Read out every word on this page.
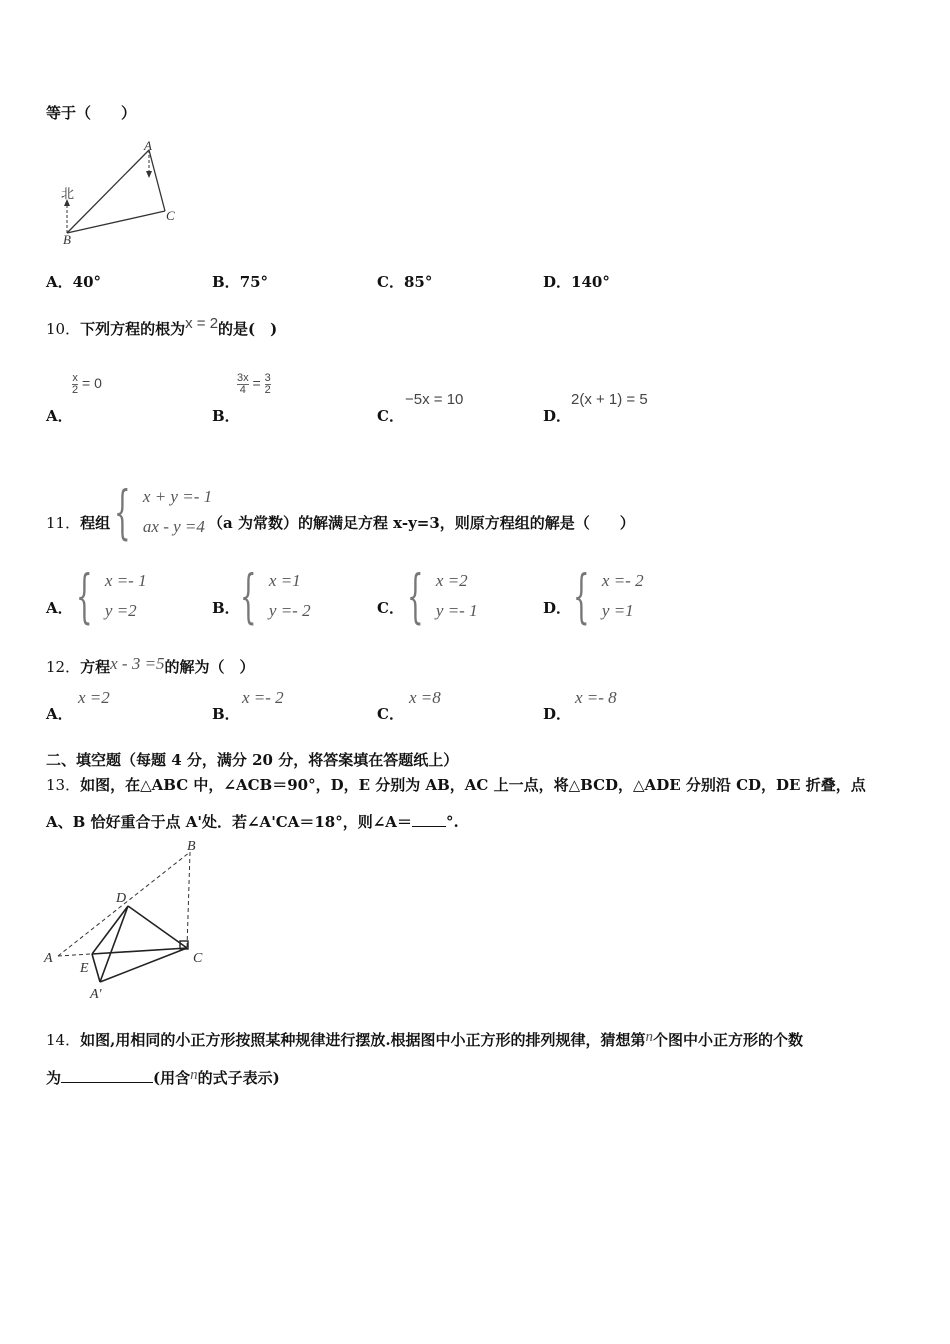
等于（　　）
北
A
B
C
A．40°	B．75°	C．85°	D．140°
10．下列方程的根为x = 2的是(　)
A．
$\frac{x}{2} = 0$
B．
$\frac{3x}{4} = \frac{3}{2}$
C．
−5x = 10
D．
2(x + 1) = 5
11．程组 { x + y =- 1
ax - y =4 （a 为常数）的解满足方程 x-y=3，则原方程组的解是（　　）
A． { x =- 1
y =2	B． { x =1
y =- 2	C． { x =2
y =- 1	D． { x =- 2
y =1
12．方程x - 3 =5的解为（　）
A．
x =2
B．
x =- 2
C．
x =8
D．
x =- 8
二、填空题（每题 4 分，满分 20 分，将答案填在答题纸上）
13．如图，在△ABC 中，∠ACB＝90°，D，E 分别为 AB，AC 上一点，将△BCD，△ADE 分别沿 CD，DE 折叠，点
A、B 恰好重合于点 A'处．若∠A'CA＝18°，则∠A＝ °.
A
B
C
D
E
A'
14．如图,用相同的小正方形按照某种规律进行摆放.根据图中小正方形的排列规律，猜想第n个图中小正方形的个数
为	(用含n的式子表示)
